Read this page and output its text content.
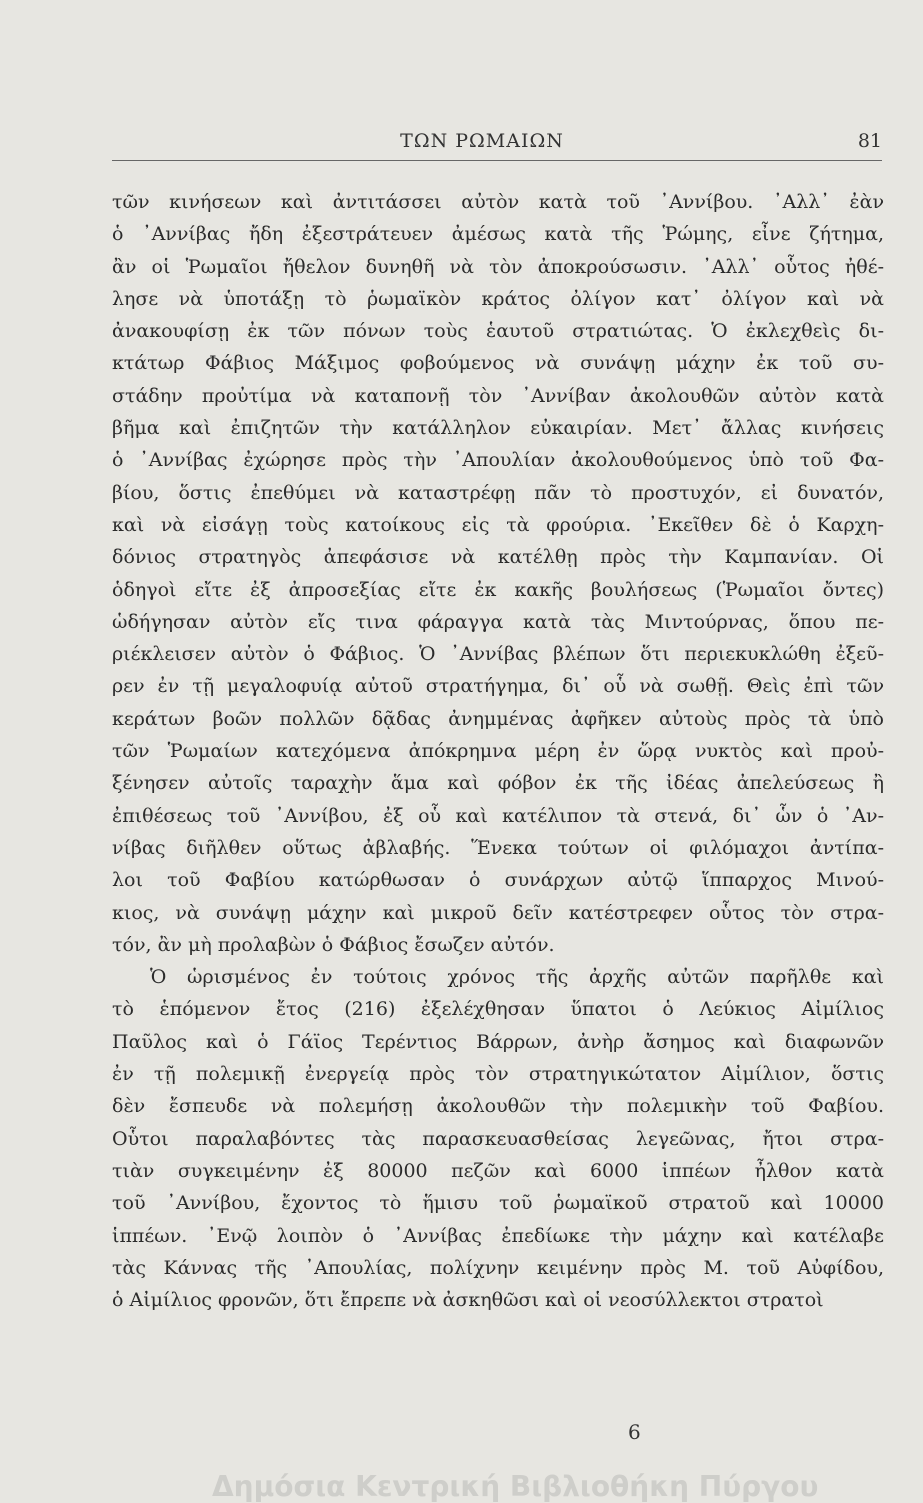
ΤΩΝ ΡΩΜΑΙΩΝ	81
τῶν κινήσεων καὶ ἀντιτάσσει αὐτὸν κατὰ τοῦ ᾿Αννίβου. ᾿Αλλ᾿ ἐὰν
ὁ ᾿Αννίβας ἤδη ἐξεστράτευεν ἀμέσως κατὰ τῆς Ῥώμης, εἶνε ζήτημα,
ἂν οἱ Ῥωμαῖοι ἤθελον δυνηθῆ νὰ τὸν ἀποκρούσωσιν. ᾿Αλλ᾿ οὗτος ἠθέ-
λησε νὰ ὑποτάξῃ τὸ ῥωμαϊκὸν κράτος ὀλίγον κατ᾿ ὀλίγον καὶ νὰ
ἀνακουφίσῃ ἐκ τῶν πόνων τοὺς ἑαυτοῦ στρατιώτας. Ὁ ἐκλεχθεὶς δι-
κτάτωρ Φάβιος Μάξιμος φοβούμενος νὰ συνάψῃ μάχην ἐκ τοῦ συ-
στάδην προὐτίμα νὰ καταπονῇ τὸν ᾿Αννίβαν ἀκολουθῶν αὐτὸν κατὰ
βῆμα καὶ ἐπιζητῶν τὴν κατάλληλον εὐκαιρίαν. Μετ᾿ ἄλλας κινήσεις
ὁ ᾿Αννίβας ἐχώρησε πρὸς τὴν ᾿Απουλίαν ἀκολουθούμενος ὑπὸ τοῦ Φα-
βίου, ὅστις ἐπεθύμει νὰ καταστρέφῃ πᾶν τὸ προστυχόν, εἰ δυνατόν,
καὶ νὰ εἰσάγῃ τοὺς κατοίκους εἰς τὰ φρούρια. ᾿Εκεῖθεν δὲ ὁ Καρχη-
δόνιος στρατηγὸς ἀπεφάσισε νὰ κατέλθῃ πρὸς τὴν Καμπανίαν. Οἱ
ὁδηγοὶ εἴτε ἐξ ἀπροσεξίας εἴτε ἐκ κακῆς βουλήσεως (Ῥωμαῖοι ὄντες)
ὡδήγησαν αὐτὸν εἴς τινα φάραγγα κατὰ τὰς Μιντούρνας, ὅπου πε-
ριέκλεισεν αὐτὸν ὁ Φάβιος. Ὁ ᾿Αννίβας βλέπων ὅτι περιεκυκλώθη ἐξεῦ-
ρεν ἐν τῇ μεγαλοφυίᾳ αὐτοῦ στρατήγημα, δι᾿ οὗ νὰ σωθῇ. Θεὶς ἐπὶ τῶν
κεράτων βοῶν πολλῶν δᾷδας ἀνημμένας ἀφῆκεν αὐτοὺς πρὸς τὰ ὑπὸ
τῶν Ῥωμαίων κατεχόμενα ἀπόκρημνα μέρη ἐν ὥρᾳ νυκτὸς καὶ προὐ-
ξένησεν αὐτοῖς ταραχὴν ἅμα καὶ φόβον ἐκ τῆς ἰδέας ἀπελεύσεως ἢ
ἐπιθέσεως τοῦ ᾿Αννίβου, ἐξ οὗ καὶ κατέλιπον τὰ στενά, δι᾿ ὧν ὁ ᾿Αν-
νίβας διῆλθεν οὕτως ἀβλαβής. Ἕνεκα τούτων οἱ φιλόμαχοι ἀντίπα-
λοι τοῦ Φαβίου κατώρθωσαν ὁ συνάρχων αὐτῷ ἵππαρχος Μινού-
κιος, νὰ συνάψῃ μάχην καὶ μικροῦ δεῖν κατέστρεφεν οὗτος τὸν στρα-
τόν, ἂν μὴ προλαβὼν ὁ Φάβιος ἔσωζεν αὐτόν.
Ὁ ὡρισμένος ἐν τούτοις χρόνος τῆς ἀρχῆς αὐτῶν παρῆλθε καὶ
τὸ ἑπόμενον ἔτος (216) ἐξελέχθησαν ὕπατοι ὁ Λεύκιος Αἰμίλιος
Παῦλος καὶ ὁ Γάϊος Τερέντιος Βάρρων, ἀνὴρ ἄσημος καὶ διαφωνῶν
ἐν τῇ πολεμικῇ ἐνεργείᾳ πρὸς τὸν στρατηγικώτατον Αἰμίλιον, ὅστις
δὲν ἔσπευδε νὰ πολεμήσῃ ἀκολουθῶν τὴν πολεμικὴν τοῦ Φαβίου.
Οὗτοι παραλαβόντες τὰς παρασκευασθείσας λεγεῶνας, ἤτοι στρα-
τιὰν συγκειμένην ἐξ 80000 πεζῶν καὶ 6000 ἱππέων ἦλθον κατὰ
τοῦ ᾿Αννίβου, ἔχοντος τὸ ἥμισυ τοῦ ῥωμαϊκοῦ στρατοῦ καὶ 10000
ἱππέων. ᾿Ενῷ λοιπὸν ὁ ᾿Αννίβας ἐπεδίωκε τὴν μάχην καὶ κατέλαβε
τὰς Κάννας τῆς ᾿Απουλίας, πολίχνην κειμένην πρὸς Μ. τοῦ Αὐφίδου,
ὁ Αἰμίλιος φρονῶν, ὅτι ἔπρεπε νὰ ἀσκηθῶσι καὶ οἱ νεοσύλλεκτοι στρατοὶ
6
Δημόσια Κεντρική Βιβλιοθήκη Πύργου
